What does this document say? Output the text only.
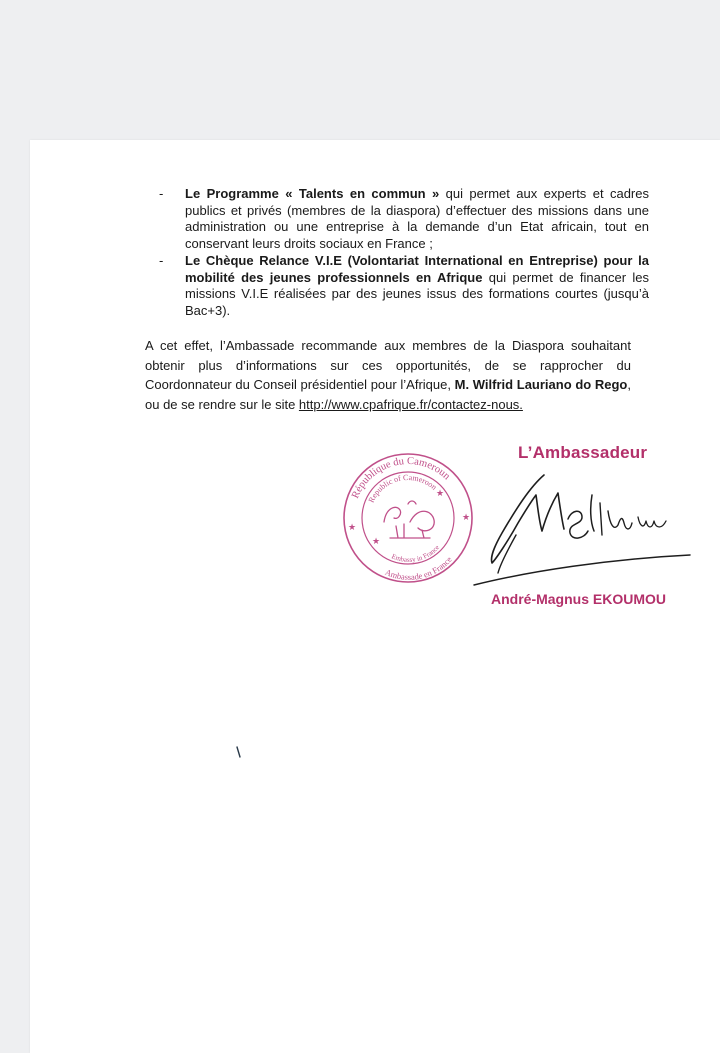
- Le Programme « Talents en commun » qui permet aux experts et cadres publics et privés (membres de la diaspora) d’effectuer des missions dans une administration ou une entreprise à la demande d’un Etat africain, tout en conservant leurs droits sociaux en France ;
- Le Chèque Relance V.I.E (Volontariat International en Entreprise) pour la mobilité des jeunes professionnels en Afrique qui permet de financer les missions V.I.E réalisées par des jeunes issus des formations courtes (jusqu’à Bac+3).

A cet effet, l’Ambassade recommande aux membres de la Diaspora souhaitant obtenir plus d’informations sur ces opportunités, de se rapprocher du Coordonnateur du Conseil présidentiel pour l’Afrique, M. Wilfrid Lauriano do Rego, ou de se rendre sur le site http://www.cpafrique.fr/contactez-nous.

L’Ambassadeur
République du Cameroun
Republic of Cameroon
Embassy in France
Ambassade en France
★
★
★
★
André-Magnus EKOUMOU
